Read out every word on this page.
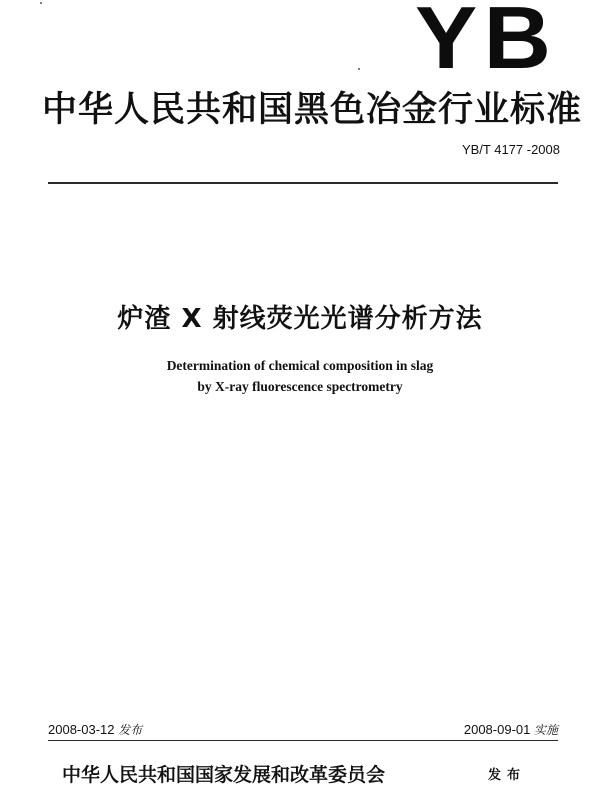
YB
中华人民共和国黑色冶金行业标准
YB/T 4177 -2008
炉渣 X 射线荧光光谱分析方法
Determination of chemical composition in slag
by X-ray fluorescence spectrometry
2008-03-12 发布	2008-09-01 实施
中华人民共和国国家发展和改革委员会	发布
